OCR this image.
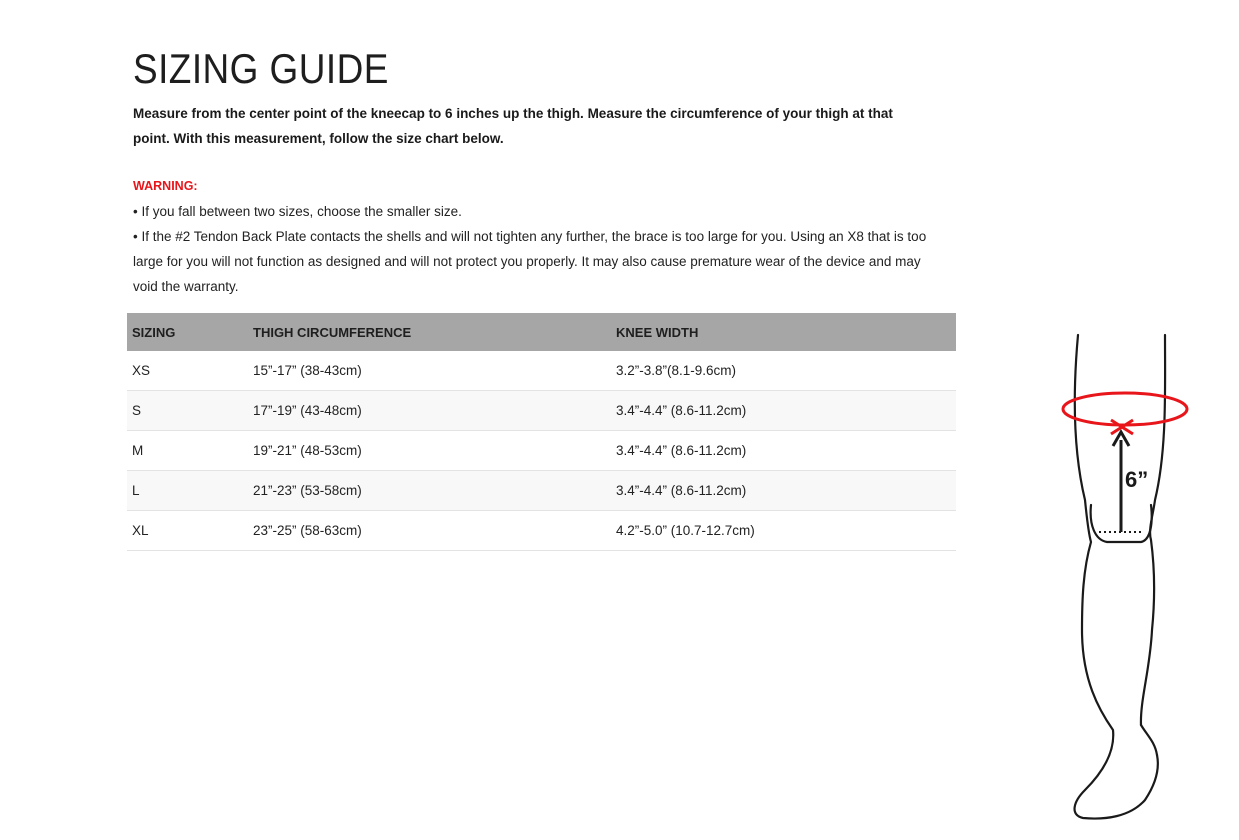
SIZING GUIDE

Measure from the center point of the kneecap to 6 inches up the thigh. Measure the circumference of your thigh at that point. With this measurement, follow the size chart below.

WARNING:
• If you fall between two sizes, choose the smaller size.
• If the #2 Tendon Back Plate contacts the shells and will not tighten any further, the brace is too large for you. Using an X8 that is too large for you will not function as designed and will not protect you properly. It may also cause premature wear of the device and may void the warranty.
SIZING	THIGH CIRCUMFERENCE	KNEE WIDTH
XS	15”-17” (38-43cm)	3.2”-3.8”(8.1-9.6cm)
S	17”-19” (43-48cm)	3.4”-4.4” (8.6-11.2cm)
M	19”-21” (48-53cm)	3.4”-4.4” (8.6-11.2cm)
L	21”-23” (53-58cm)	3.4”-4.4” (8.6-11.2cm)
XL	23”-25” (58-63cm)	4.2”-5.0” (10.7-12.7cm)
6”
